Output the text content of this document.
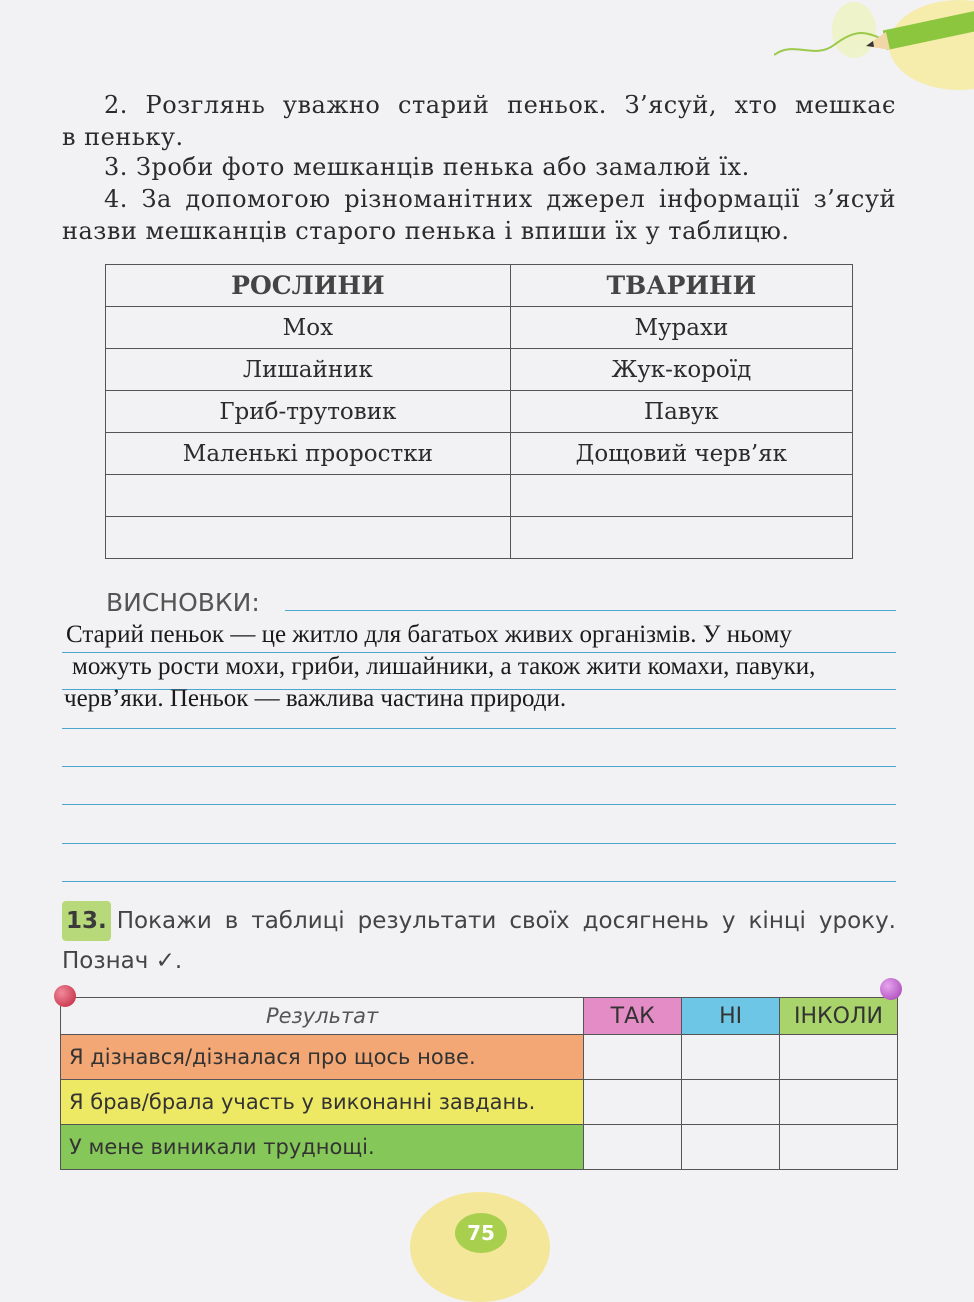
2. Розглянь уважно старий пеньок. З’ясуй, хто мешкає
в пеньку.
3. Зроби фото мешканців пенька або замалюй їх.
4. За допомогою різноманітних джерел інформації з’ясуй
назви мешканців старого пенька і впиши їх у таблицю.
РОСЛИНИ	ТВАРИНИ
Мох	Мурахи
Лишайник	Жук-короїд
Гриб-трутовик	Павук
Маленькі проростки	Дощовий черв’як

ВИСНОВКИ:
Старий пеньок — це житло для багатьох живих організмів. У ньому
можуть рости мохи, гриби, лишайники, а також жити комахи, павуки,
черв’яки. Пеньок — важлива частина природи.
13. Покажи в таблиці результати своїх досягнень у кінці уроку.
Познач ✓.
Результат	ТАК	НІ	ІНКОЛИ
Я дізнався/дізналася про щось нове.			
Я брав/брала участь у виконанні завдань.			
У мене виникали труднощі.			
75
